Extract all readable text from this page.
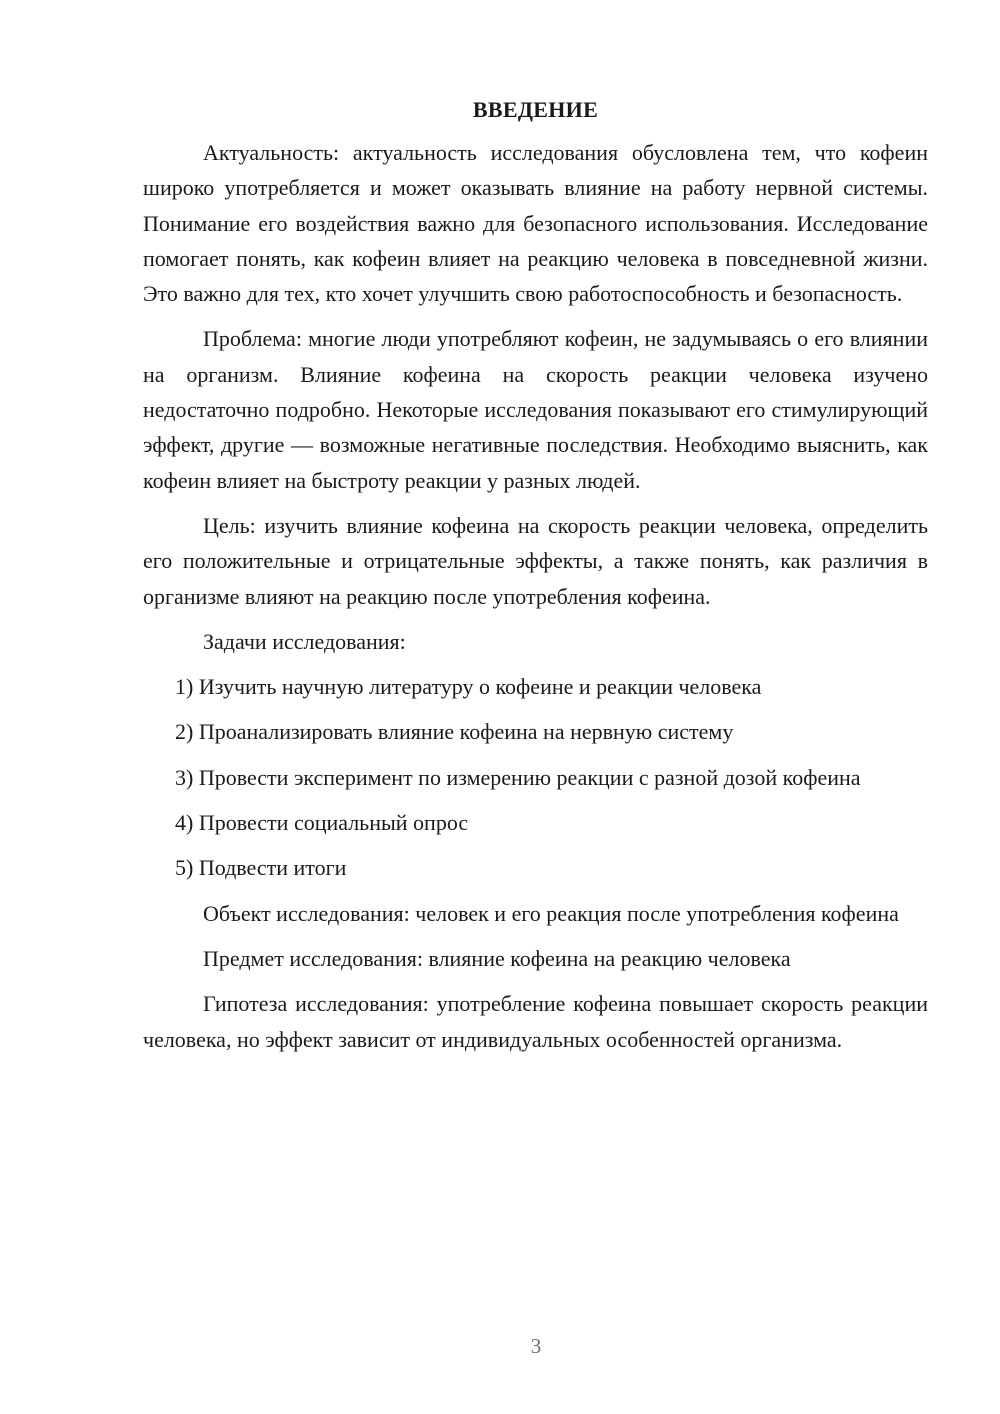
ВВЕДЕНИЕ

Актуальность: актуальность исследования обусловлена тем, что кофеин широко употребляется и может оказывать влияние на работу нервной системы. Понимание его воздействия важно для безопасного использования. Исследование помогает понять, как кофеин влияет на реакцию человека в повседневной жизни. Это важно для тех, кто хочет улучшить свою работоспособность и безопасность.

Проблема: многие люди употребляют кофеин, не задумываясь о его влиянии на организм. Влияние кофеина на скорость реакции человека изучено недостаточно подробно. Некоторые исследования показывают его стимулирующий эффект, другие — возможные негативные последствия. Необходимо выяснить, как кофеин влияет на быстроту реакции у разных людей.

Цель: изучить влияние кофеина на скорость реакции человека, определить его положительные и отрицательные эффекты, а также понять, как различия в организме влияют на реакцию после употребления кофеина.

Задачи исследования:

1) Изучить научную литературу о кофеине и реакции человека

2) Проанализировать влияние кофеина на нервную систему

3) Провести эксперимент по измерению реакции с разной дозой кофеина

4) Провести социальный опрос

5) Подвести итоги

Объект исследования: человек и его реакция после употребления кофеина

Предмет исследования: влияние кофеина на реакцию человека

Гипотеза исследования: употребление кофеина повышает скорость реакции человека, но эффект зависит от индивидуальных особенностей организма.

3
